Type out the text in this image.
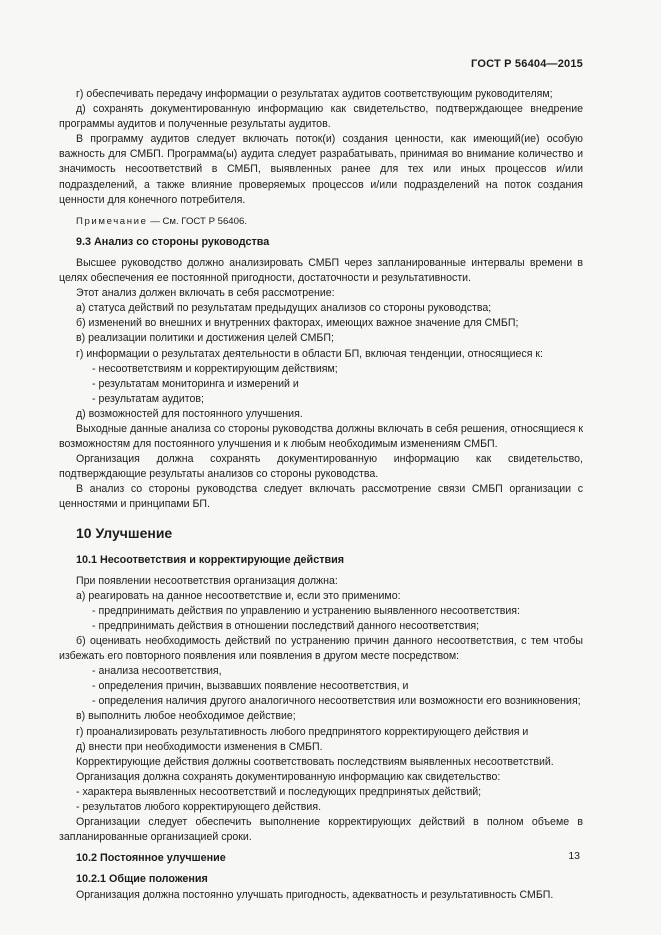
ГОСТ Р 56404—2015

г) обеспечивать передачу информации о результатах аудитов соответствующим руководителям;

д) сохранять документированную информацию как свидетельство, подтверждающее внедрение программы аудитов и полученные результаты аудитов.

В программу аудитов следует включать поток(и) создания ценности, как имеющий(ие) особую важность для СМБП. Программа(ы) аудита следует разрабатывать, принимая во внимание количество и значимость несоответствий в СМБП, выявленных ранее для тех или иных процессов и/или подразделений, а также влияние проверяемых процессов и/или подразделений на поток создания ценности для конечного потребителя.

Примечание — См. ГОСТ Р 56406.

9.3 Анализ со стороны руководства

Высшее руководство должно анализировать СМБП через запланированные интервалы времени в целях обеспечения ее постоянной пригодности, достаточности и результативности.

Этот анализ должен включать в себя рассмотрение:

а) статуса действий по результатам предыдущих анализов со стороны руководства;

б) изменений во внешних и внутренних факторах, имеющих важное значение для СМБП;

в) реализации политики и достижения целей СМБП;

г) информации о результатах деятельности в области БП, включая тенденции, относящиеся к:

- несоответствиям и корректирующим действиям;

- результатам мониторинга и измерений и

- результатам аудитов;

д) возможностей для постоянного улучшения.

Выходные данные анализа со стороны руководства должны включать в себя решения, относящиеся к возможностям для постоянного улучшения и к любым необходимым изменениям СМБП.

Организация должна сохранять документированную информацию как свидетельство, подтверждающие результаты анализов со стороны руководства.

В анализ со стороны руководства следует включать рассмотрение связи СМБП организации с ценностями и принципами БП.

10 Улучшение

10.1 Несоответствия и корректирующие действия

При появлении несоответствия организация должна:

а) реагировать на данное несоответствие и, если это применимо:

- предпринимать действия по управлению и устранению выявленного несоответствия:

- предпринимать действия в отношении последствий данного несоответствия;

б) оценивать необходимость действий по устранению причин данного несоответствия, с тем чтобы избежать его повторного появления или появления в другом месте посредством:

- анализа несоответствия,

- определения причин, вызвавших появление несоответствия, и

- определения наличия другого аналогичного несоответствия или возможности его возникновения;

в) выполнить любое необходимое действие;

г) проанализировать результативность любого предпринятого корректирующего действия и

д) внести при необходимости изменения в СМБП.

Корректирующие действия должны соответствовать последствиям выявленных несоответствий.

Организация должна сохранять документированную информацию как свидетельство:

- характера выявленных несоответствий и последующих предпринятых действий;

- результатов любого корректирующего действия.

Организации следует обеспечить выполнение корректирующих действий в полном объеме в запланированные организацией сроки.

10.2 Постоянное улучшение

10.2.1 Общие положения

Организация должна постоянно улучшать пригодность, адекватность и результативность СМБП.

13
